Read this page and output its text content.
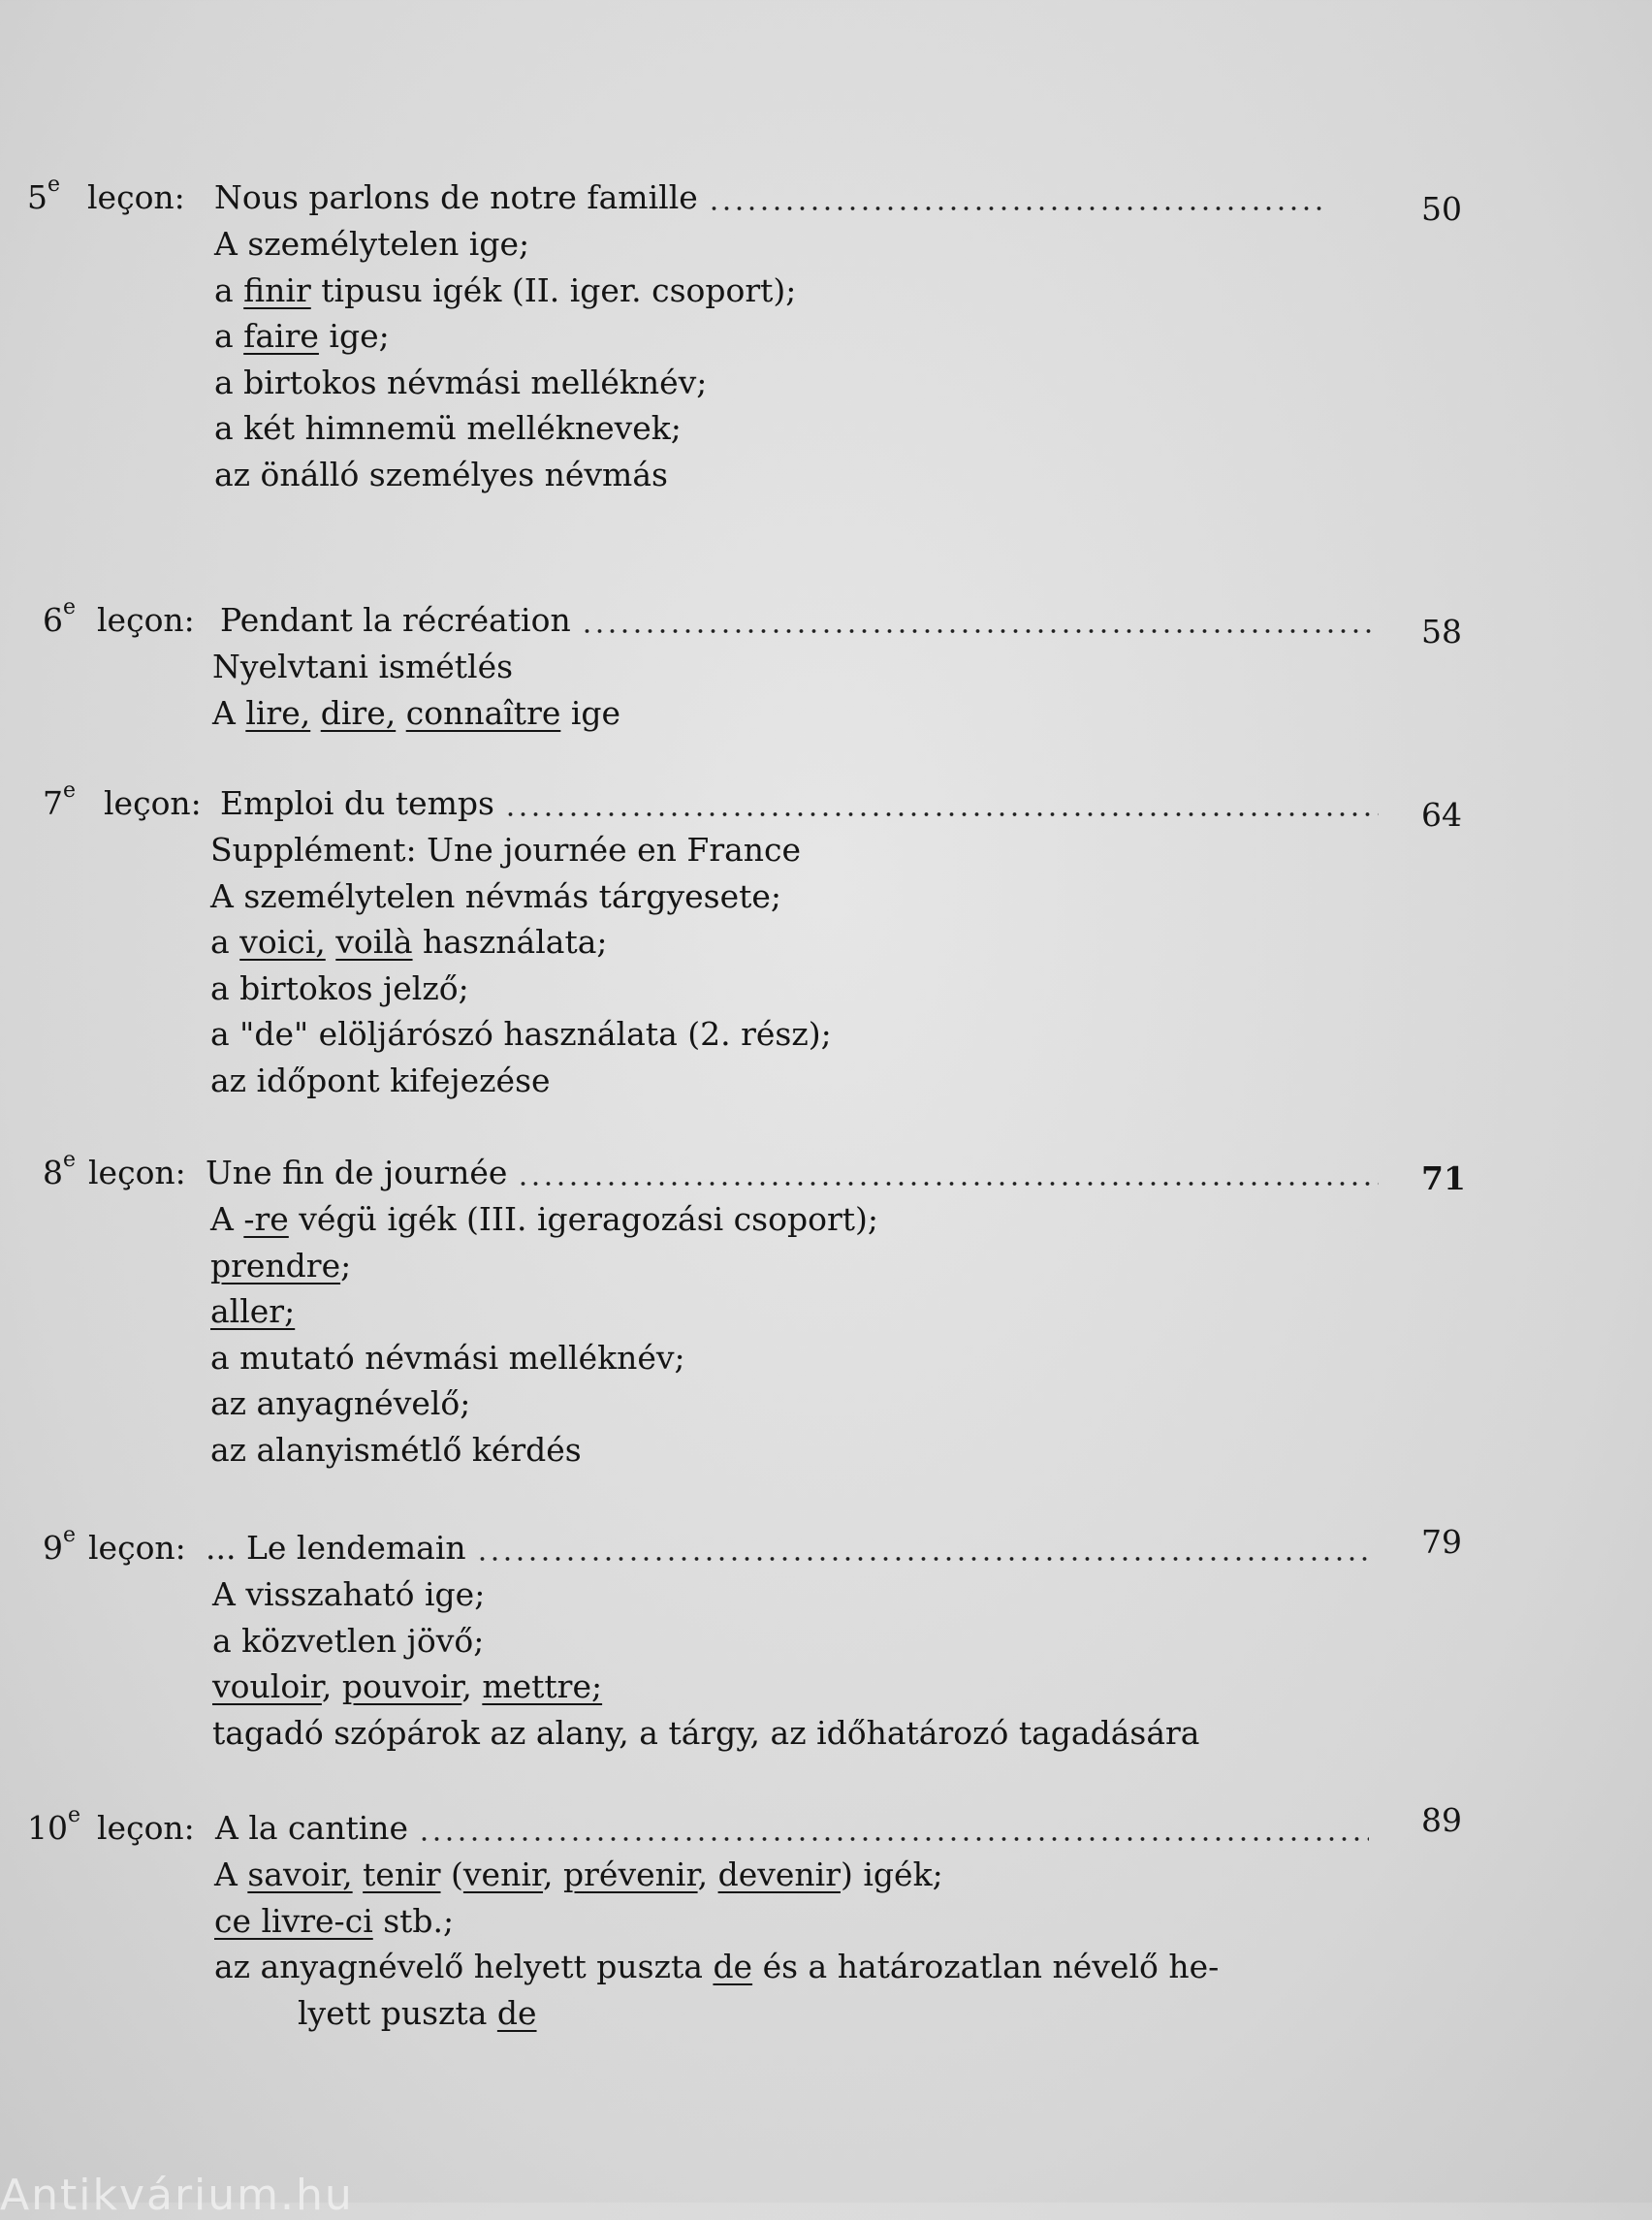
5e leçon: Nous parlons de notre famille	50
A személytelen ige;
a finir tipusu igék (II. iger. csoport);
a faire ige;
a birtokos névmási melléknév;
a két himnemü melléknevek;
az önálló személyes névmás
6e leçon: Pendant la récréation	58
Nyelvtani ismétlés
A lire, dire, connaître ige
7e leçon: Emploi du temps	64
Supplément: Une journée en France
A személytelen névmás tárgyesete;
a voici, voilà használata;
a birtokos jelző;
a "de" elöljárószó használata (2. rész);
az időpont kifejezése
8e leçon: Une fin de journée	71
A -re végü igék (III. igeragozási csoport);
prendre;
aller;
a mutató névmási melléknév;
az anyagnévelő;
az alanyismétlő kérdés
9e leçon: ... Le lendemain	79
A visszaható ige;
a közvetlen jövő;
vouloir, pouvoir, mettre;
tagadó szópárok az alany, a tárgy, az időhatározó tagadására
10e leçon: A la cantine	89
A savoir, tenir (venir, prévenir, devenir) igék;
ce livre-ci stb.;
az anyagnévelő helyett puszta de és a határozatlan névelő he-
lyett puszta de
Antikvárium.hu
